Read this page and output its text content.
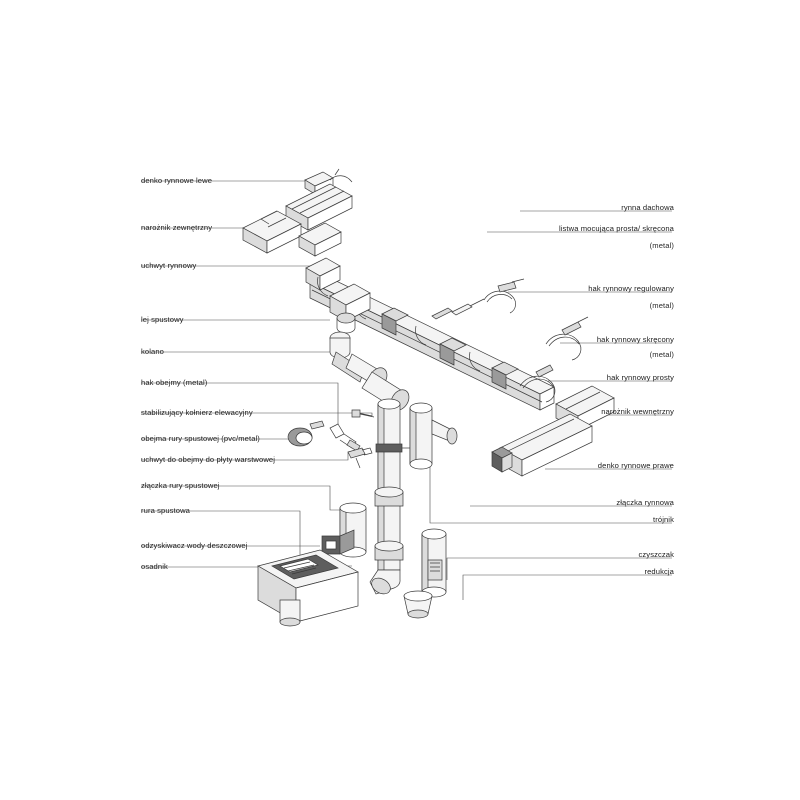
denko rynnowe lewe
narożnik zewnętrzny
uchwyt rynnowy
lej spustowy
kolano
hak obejmy (metal)
stabilizujący kołnierz elewacyjny
obejma rury spustowej (pvc/metal)
uchwyt do obejmy do płyty warstwowej
złączka rury spustowej
rura spustowa
odzyskiwacz wody deszczowej
osadnik
rynna dachowa
listwa mocująca prosta/ skręcona
(metal)
hak rynnowy regulowany
(metal)
hak rynnowy skręcony
(metal)
hak rynnowy prosty
narożnik wewnętrzny
denko rynnowe prawe
złączka rynnowa
trójnik
czyszczak
redukcja
